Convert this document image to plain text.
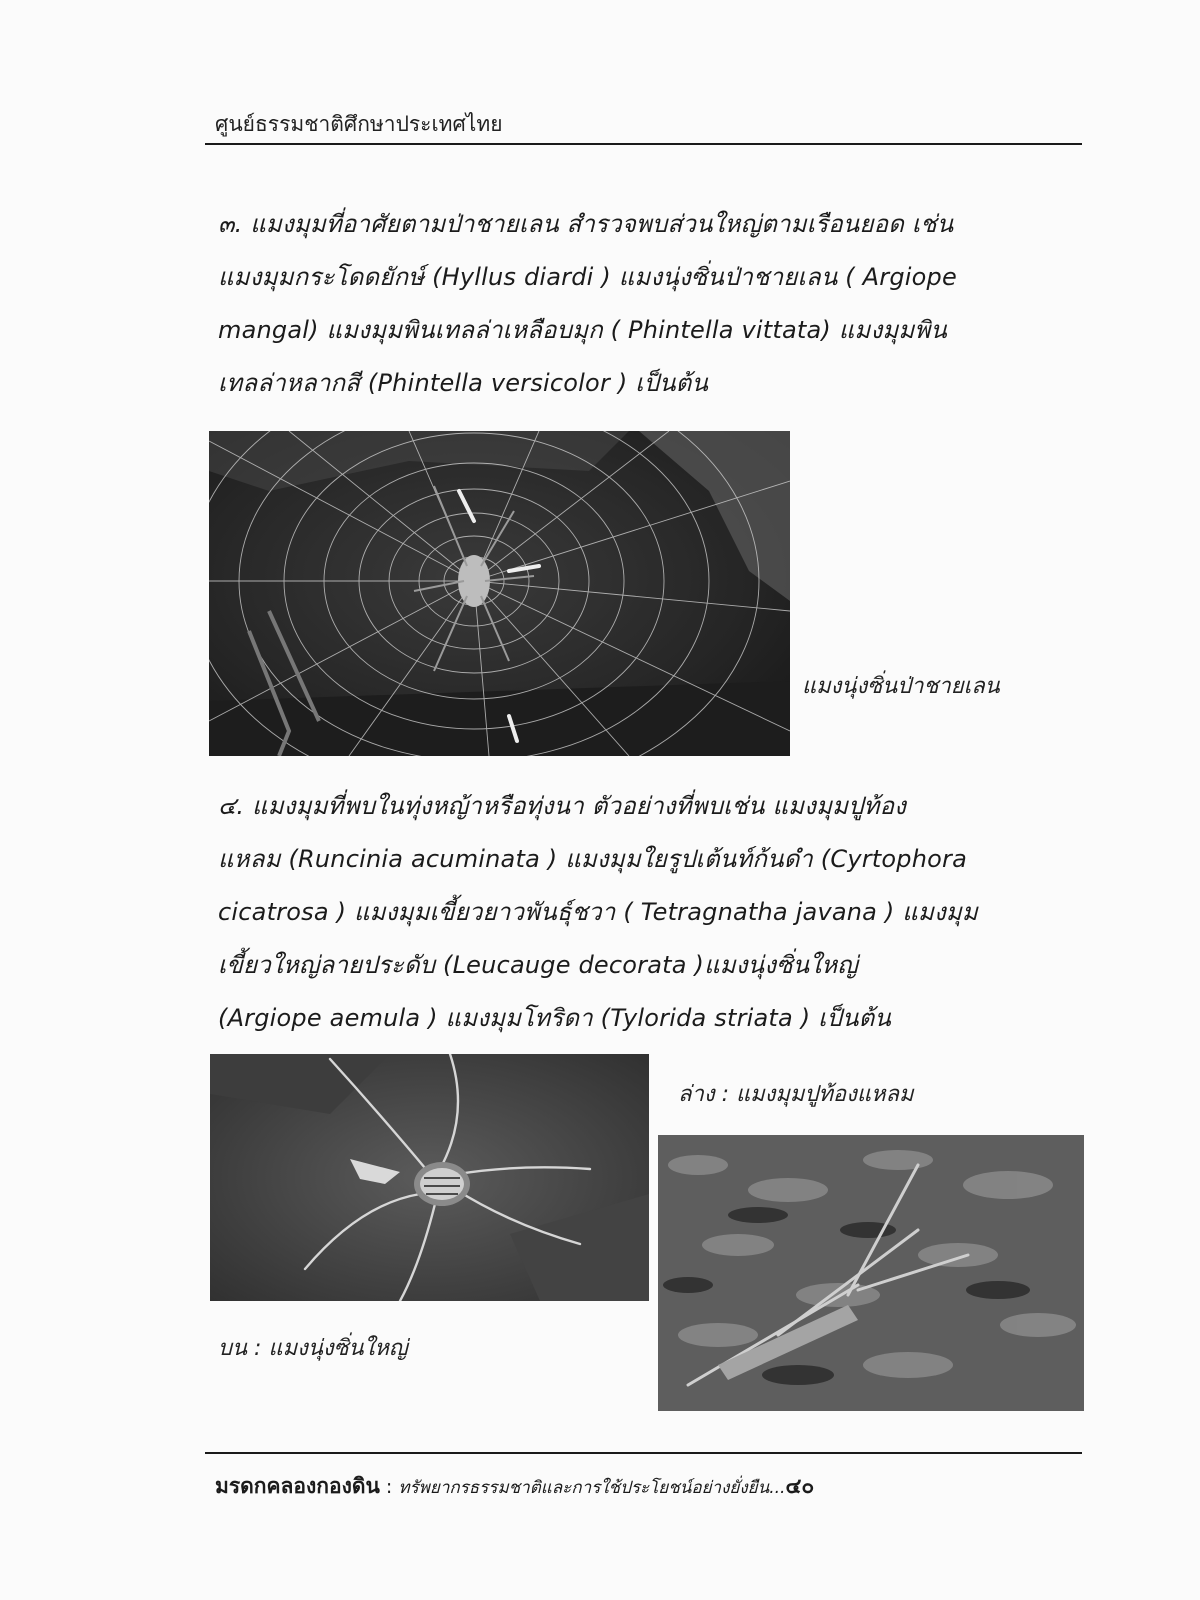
ศูนย์ธรรมชาติศึกษาประเทศไทย
๓. แมงมุมที่อาศัยตามป่าชายเลน สำรวจพบส่วนใหญ่ตามเรือนยอด เช่น
แมงมุมกระโดดยักษ์ (Hyllus diardi ) แมงนุ่งซิ่นป่าชายเลน ( Argiope
mangal) แมงมุมพินเทลล่าเหลือบมุก ( Phintella vittata) แมงมุมพิน
เทลล่าหลากสี (Phintella versicolor ) เป็นต้น
แมงนุ่งซิ่นป่าชายเลน
๔. แมงมุมที่พบในทุ่งหญ้าหรือทุ่งนา ตัวอย่างที่พบเช่น แมงมุมปูท้อง
แหลม (Runcinia acuminata ) แมงมุมใยรูปเต้นท์ก้นดำ (Cyrtophora
cicatrosa ) แมงมุมเขี้ยวยาวพันธุ์ชวา ( Tetragnatha javana ) แมงมุม
เขี้ยวใหญ่ลายประดับ (Leucauge decorata )แมงนุ่งซิ่นใหญ่
(Argiope aemula ) แมงมุมโทริดา (Tylorida striata ) เป็นต้น
บน : แมงนุ่งซิ่นใหญ่
ล่าง : แมงมุมปูท้องแหลม
มรดกคลองกองดิน : ทรัพยากรธรรมชาติและการใช้ประโยชน์อย่างยั่งยืน...๔๐
